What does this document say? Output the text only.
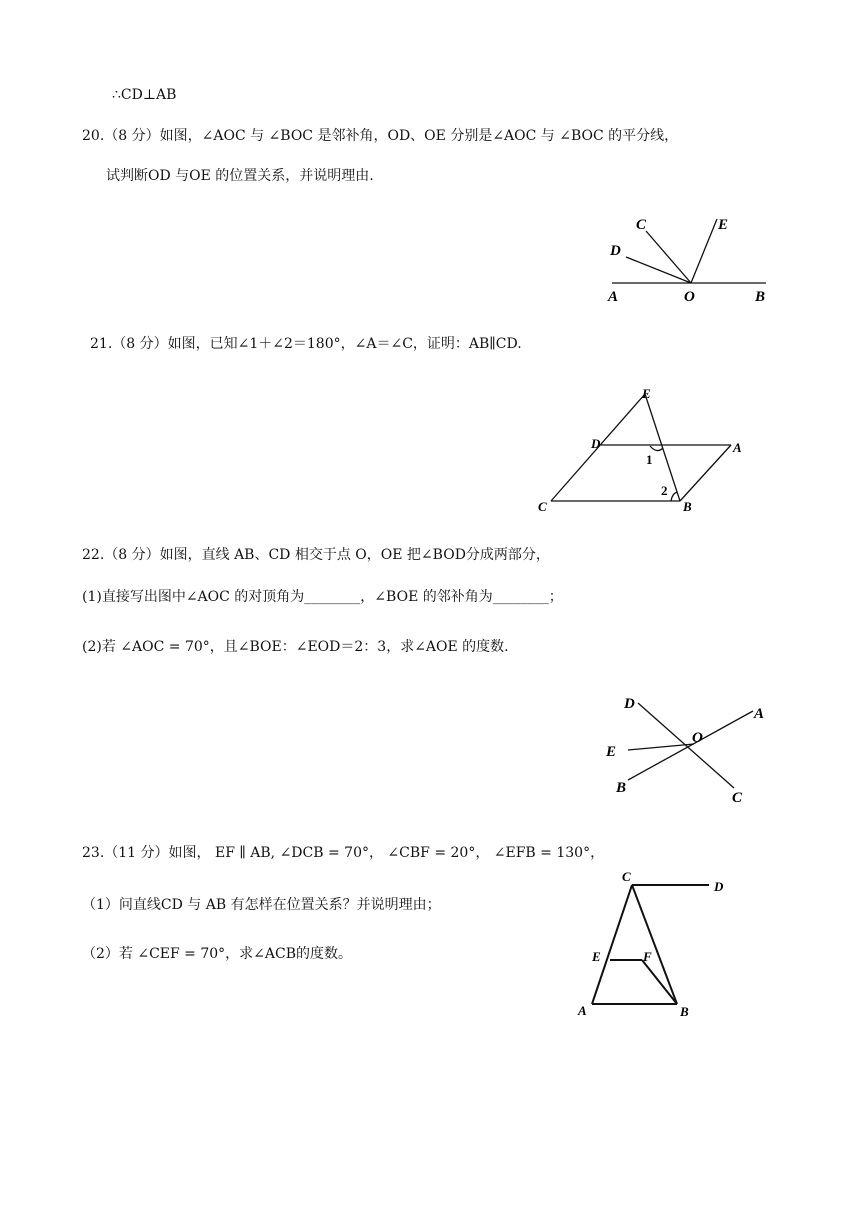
∴CD⊥AB
20.（8 分）如图，∠AOC 与 ∠BOC 是邻补角，OD、OE 分别是∠AOC 与 ∠BOC 的平分线，
试判断OD 与OE 的位置关系，并说明理由.
21.（8 分）如图，已知∠1＋∠2＝180°，∠A＝∠C，证明：AB∥CD.
22.（8 分）如图，直线 AB、CD 相交于点 O，OE 把∠BOD分成两部分，
(1)直接写出图中∠AOC 的对顶角为________，∠BOE 的邻补角为________；
(2)若 ∠AOC = 70°，且∠BOE：∠EOD＝2：3，求∠AOE 的度数.
23.（11 分）如图， EF ∥ AB, ∠DCB = 70°， ∠CBF = 20°， ∠EFB = 130°，
（1）问直线CD 与 AB 有怎样在位置关系？并说明理由；
（2）若 ∠CEF = 70°，求∠ACB的度数。
C	E
D
A	O	B
E
D	A
1
2
C	B
D
A
O
E
B
C
C
D
E	F
A	B
